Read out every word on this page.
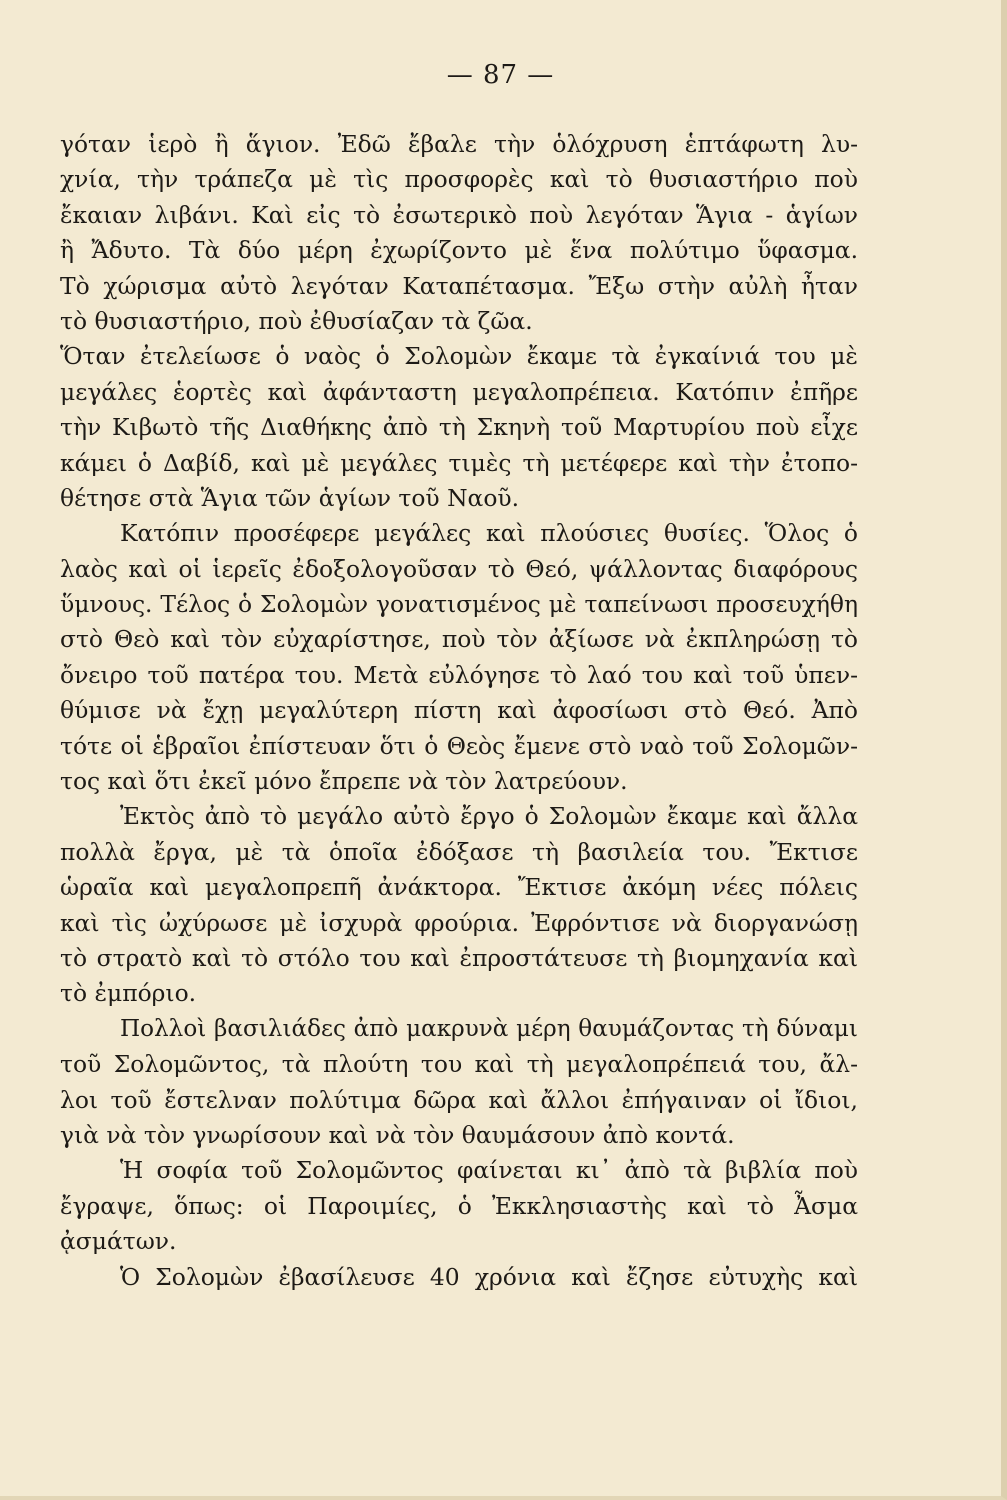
— 87 —
γόταν ἱερὸ ἢ ἅγιον. Ἐδῶ ἔβαλε τὴν ὁλόχρυση ἑπτάφωτη λυ-
χνία, τὴν τράπεζα μὲ τὶς προσφορὲς καὶ τὸ θυσιαστήριο ποὺ
ἔκαιαν λιβάνι. Καὶ εἰς τὸ ἐσωτερικὸ ποὺ λεγόταν Ἅγια - ἁγίων
ἢ Ἄδυτο. Τὰ δύο μέρη ἐχωρίζοντο μὲ ἕνα πολύτιμο ὕφασμα.
Τὸ χώρισμα αὐτὸ λεγόταν Καταπέτασμα. Ἔξω στὴν αὐλὴ ἦταν
τὸ θυσιαστήριο, ποὺ ἐθυσίαζαν τὰ ζῶα.
Ὅταν ἐτελείωσε ὁ ναὸς ὁ Σολομὼν ἔκαμε τὰ ἐγκαίνιά του μὲ
μεγάλες ἑορτὲς καὶ ἀφάνταστη μεγαλοπρέπεια. Κατόπιν ἐπῆρε
τὴν Κιβωτὸ τῆς Διαθήκης ἀπὸ τὴ Σκηνὴ τοῦ Μαρτυρίου ποὺ εἶχε
κάμει ὁ Δαβίδ, καὶ μὲ μεγάλες τιμὲς τὴ μετέφερε καὶ τὴν ἐτοπο-
θέτησε στὰ Ἅγια τῶν ἁγίων τοῦ Ναοῦ.
Κατόπιν προσέφερε μεγάλες καὶ πλούσιες θυσίες. Ὅλος ὁ
λαὸς καὶ οἱ ἱερεῖς ἐδοξολογοῦσαν τὸ Θεό, ψάλλοντας διαφόρους
ὕμνους. Τέλος ὁ Σολομὼν γονατισμένος μὲ ταπείνωσι προσευχήθη
στὸ Θεὸ καὶ τὸν εὐχαρίστησε, ποὺ τὸν ἀξίωσε νὰ ἐκπληρώσῃ τὸ
ὄνειρο τοῦ πατέρα του. Μετὰ εὐλόγησε τὸ λαό του καὶ τοῦ ὑπεν-
θύμισε νὰ ἔχῃ μεγαλύτερη πίστη καὶ ἀφοσίωσι στὸ Θεό. Ἀπὸ
τότε οἱ ἑβραῖοι ἐπίστευαν ὅτι ὁ Θεὸς ἔμενε στὸ ναὸ τοῦ Σολομῶν-
τος καὶ ὅτι ἐκεῖ μόνο ἔπρεπε νὰ τὸν λατρεύουν.
Ἐκτὸς ἀπὸ τὸ μεγάλο αὐτὸ ἔργο ὁ Σολομὼν ἔκαμε καὶ ἄλλα
πολλὰ ἔργα, μὲ τὰ ὁποῖα ἐδόξασε τὴ βασιλεία του. Ἔκτισε
ὡραῖα καὶ μεγαλοπρεπῆ ἀνάκτορα. Ἔκτισε ἀκόμη νέες πόλεις
καὶ τὶς ὠχύρωσε μὲ ἰσχυρὰ φρούρια. Ἐφρόντισε νὰ διοργανώσῃ
τὸ στρατὸ καὶ τὸ στόλο του καὶ ἐπροστάτευσε τὴ βιομηχανία καὶ
τὸ ἐμπόριο.
Πολλοὶ βασιλιάδες ἀπὸ μακρυνὰ μέρη θαυμάζοντας τὴ δύναμι
τοῦ Σολομῶντος, τὰ πλούτη του καὶ τὴ μεγαλοπρέπειά του, ἄλ-
λοι τοῦ ἔστελναν πολύτιμα δῶρα καὶ ἄλλοι ἐπήγαιναν οἱ ἴδιοι,
γιὰ νὰ τὸν γνωρίσουν καὶ νὰ τὸν θαυμάσουν ἀπὸ κοντά.
Ἡ σοφία τοῦ Σολομῶντος φαίνεται κι᾿ ἀπὸ τὰ βιβλία ποὺ
ἔγραψε, ὅπως: οἱ Παροιμίες, ὁ Ἐκκλησιαστὴς καὶ τὸ Ἆσμα
ᾀσμάτων.
Ὁ Σολομὼν ἐβασίλευσε 40 χρόνια καὶ ἔζησε εὐτυχὴς καὶ
